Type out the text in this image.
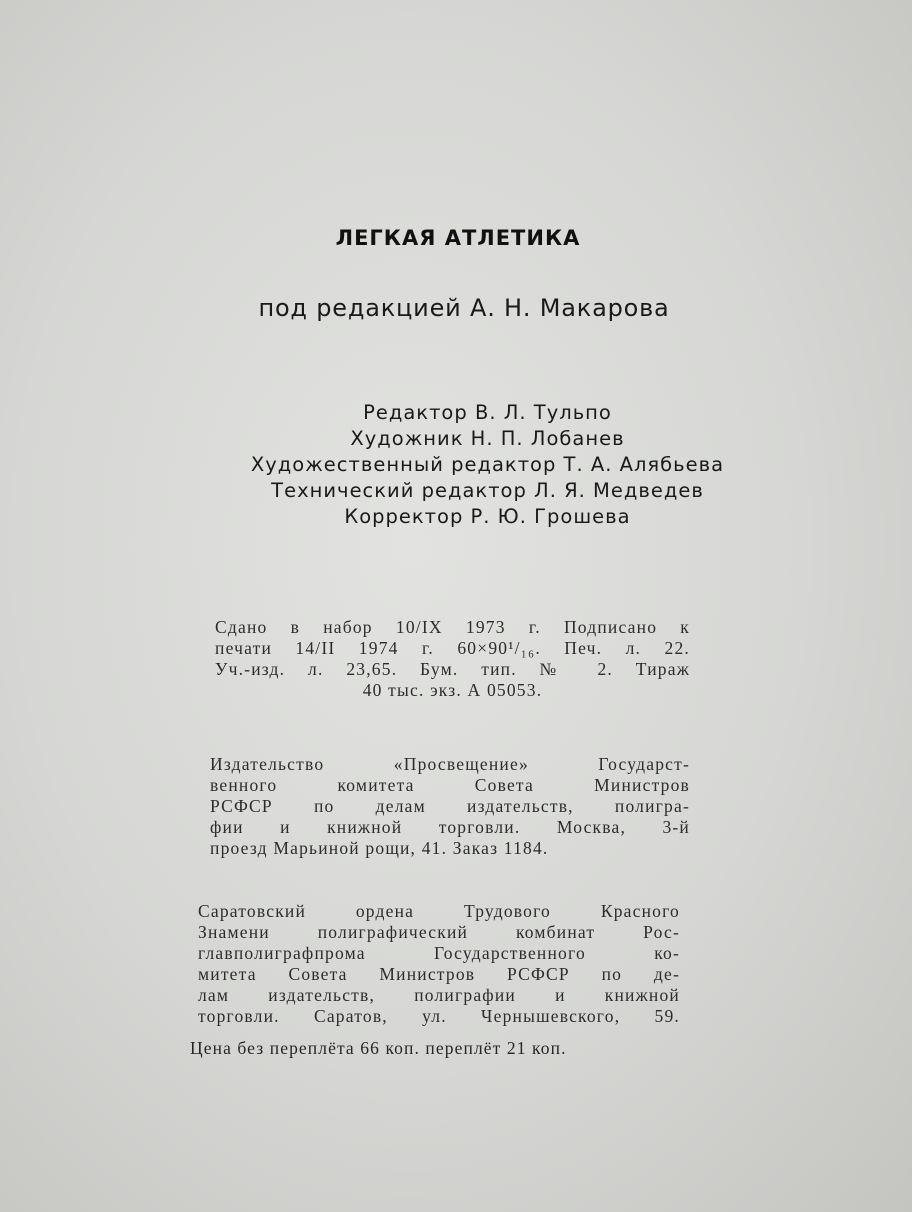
ЛЕГКАЯ АТЛЕТИКА
под редакцией А. Н. Макарова
Редактор В. Л. Тульпо
Художник Н. П. Лобанев
Художественный редактор Т. А. Алябьева
Технический редактор Л. Я. Медведев
Корректор Р. Ю. Грошева
Сдано в набор 10/IX 1973 г. Подписано к
печати 14/II 1974 г. 60×90¹/₁₆. Печ. л. 22.
Уч.-изд. л. 23,65. Бум. тип. № 2. Тираж
40 тыс. экз. А 05053.
Издательство «Просвещение» Государст-
венного комитета Совета Министров
РСФСР по делам издательств, полигра-
фии и книжной торговли. Москва, 3-й
проезд Марьиной рощи, 41. Заказ 1184.
Саратовский ордена Трудового Красного
Знамени полиграфический комбинат Рос-
главполиграфпрома Государственного ко-
митета Совета Министров РСФСР по де-
лам издательств, полиграфии и книжной
торговли. Саратов, ул. Чернышевского, 59.
Цена без переплёта 66 коп. переплёт 21 коп.
